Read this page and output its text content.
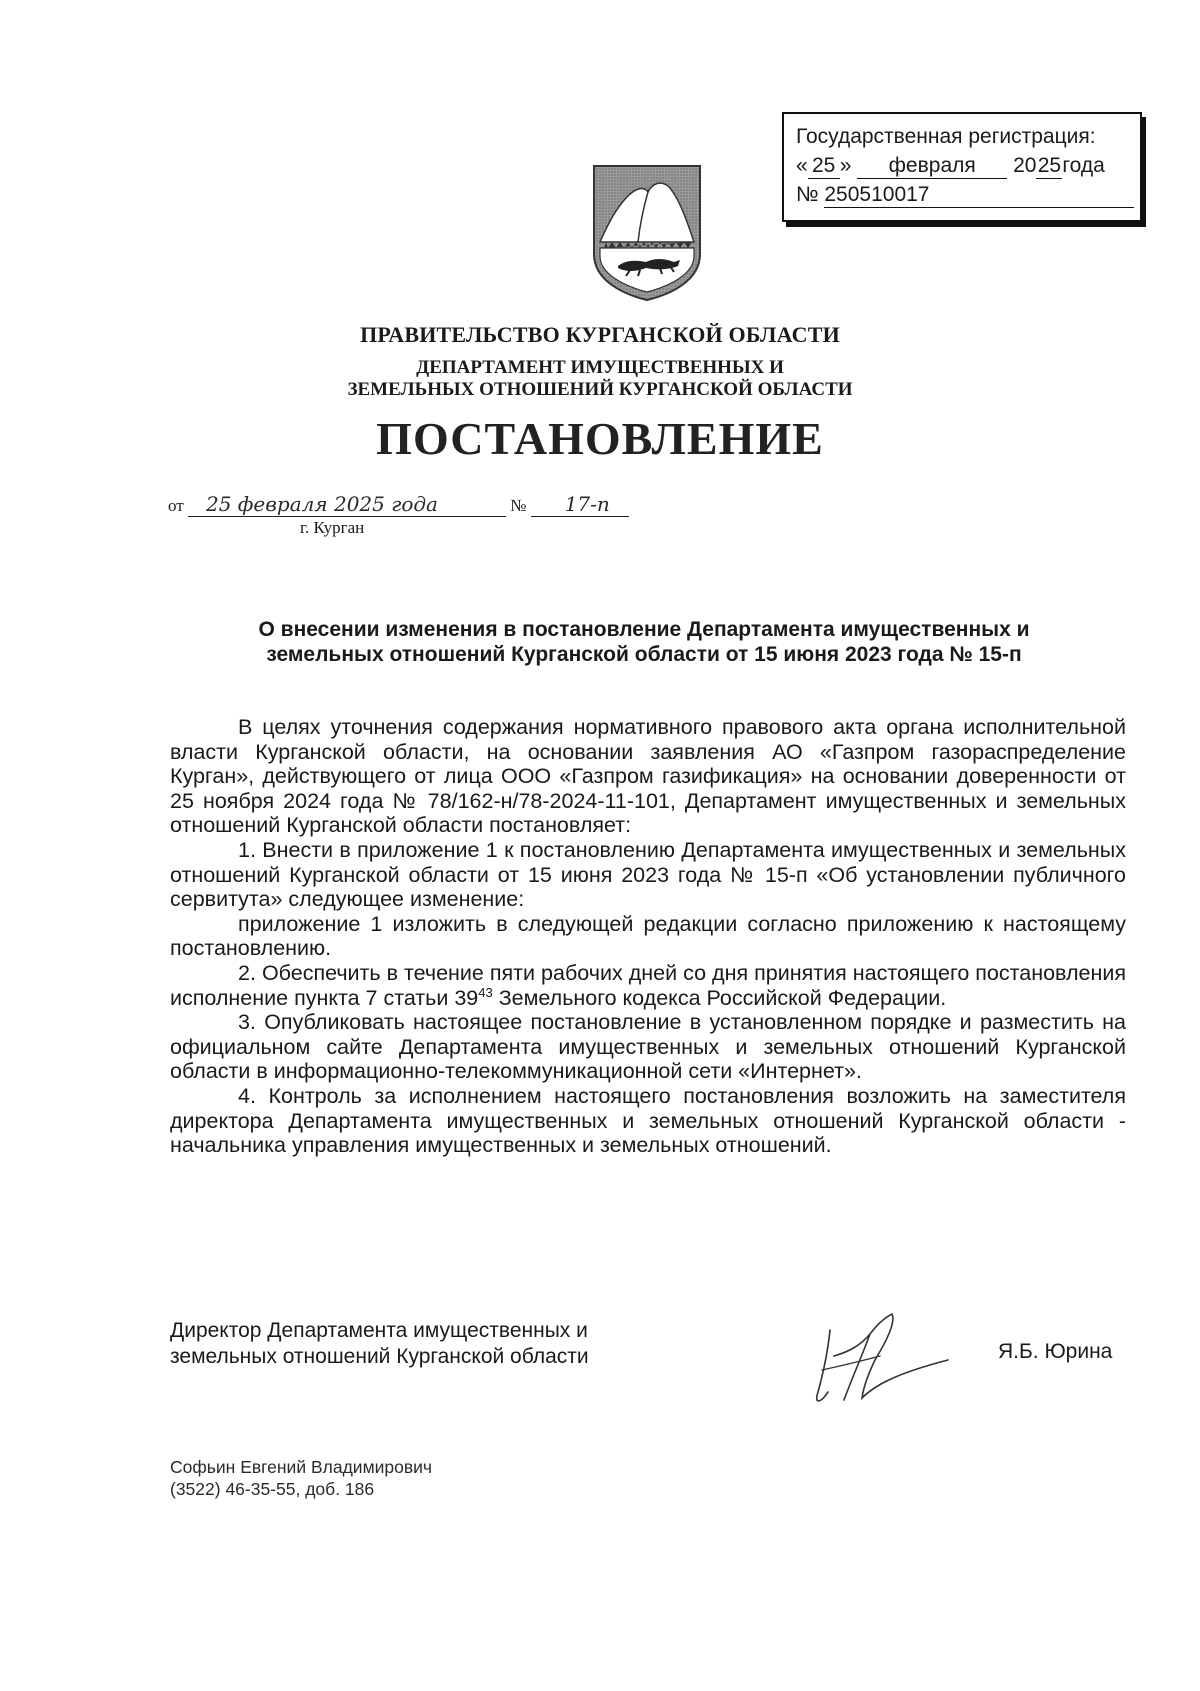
Государственная регистрация:
« 25 » февраля 2025года
№ 250510017
ПРАВИТЕЛЬСТВО КУРГАНСКОЙ ОБЛАСТИ
ДЕПАРТАМЕНТ ИМУЩЕСТВЕННЫХ И
ЗЕМЕЛЬНЫХ ОТНОШЕНИЙ КУРГАНСКОЙ ОБЛАСТИ
ПОСТАНОВЛЕНИЕ
от 25 февраля 2025 года	№ 17-п
г. Курган
О внесении изменения в постановление Департамента имущественных и
земельных отношений Курганской области от 15 июня 2023 года № 15-п

В целях уточнения содержания нормативного правового акта органа исполнительной власти Курганской области, на основании заявления АО «Газпром газораспределение Курган», действующего от лица ООО «Газпром газификация» на основании доверенности от 25 ноября 2024 года № 78/162-н/78-2024-11-101, Департамент имущественных и земельных отношений Курганской области постановляет:

1. Внести в приложение 1 к постановлению Департамента имущественных и земельных отношений Курганской области от 15 июня 2023 года № 15-п «Об установлении публичного сервитута» следующее изменение:

приложение 1 изложить в следующей редакции согласно приложению к настоящему постановлению.

2. Обеспечить в течение пяти рабочих дней со дня принятия настоящего постановления исполнение пункта 7 статьи $39^{43}$ Земельного кодекса Российской Федерации.

3. Опубликовать настоящее постановление в установленном порядке и разместить на официальном сайте Департамента имущественных и земельных отношений Курганской области в информационно-телекоммуникационной сети «Интернет».

4. Контроль за исполнением настоящего постановления возложить на заместителя директора Департамента имущественных и земельных отношений Курганской области - начальника управления имущественных и земельных отношений.

Директор Департамента имущественных и
земельных отношений Курганской области	Я.Б. Юрина
Софьин Евгений Владимирович
(3522) 46-35-55, доб. 186
